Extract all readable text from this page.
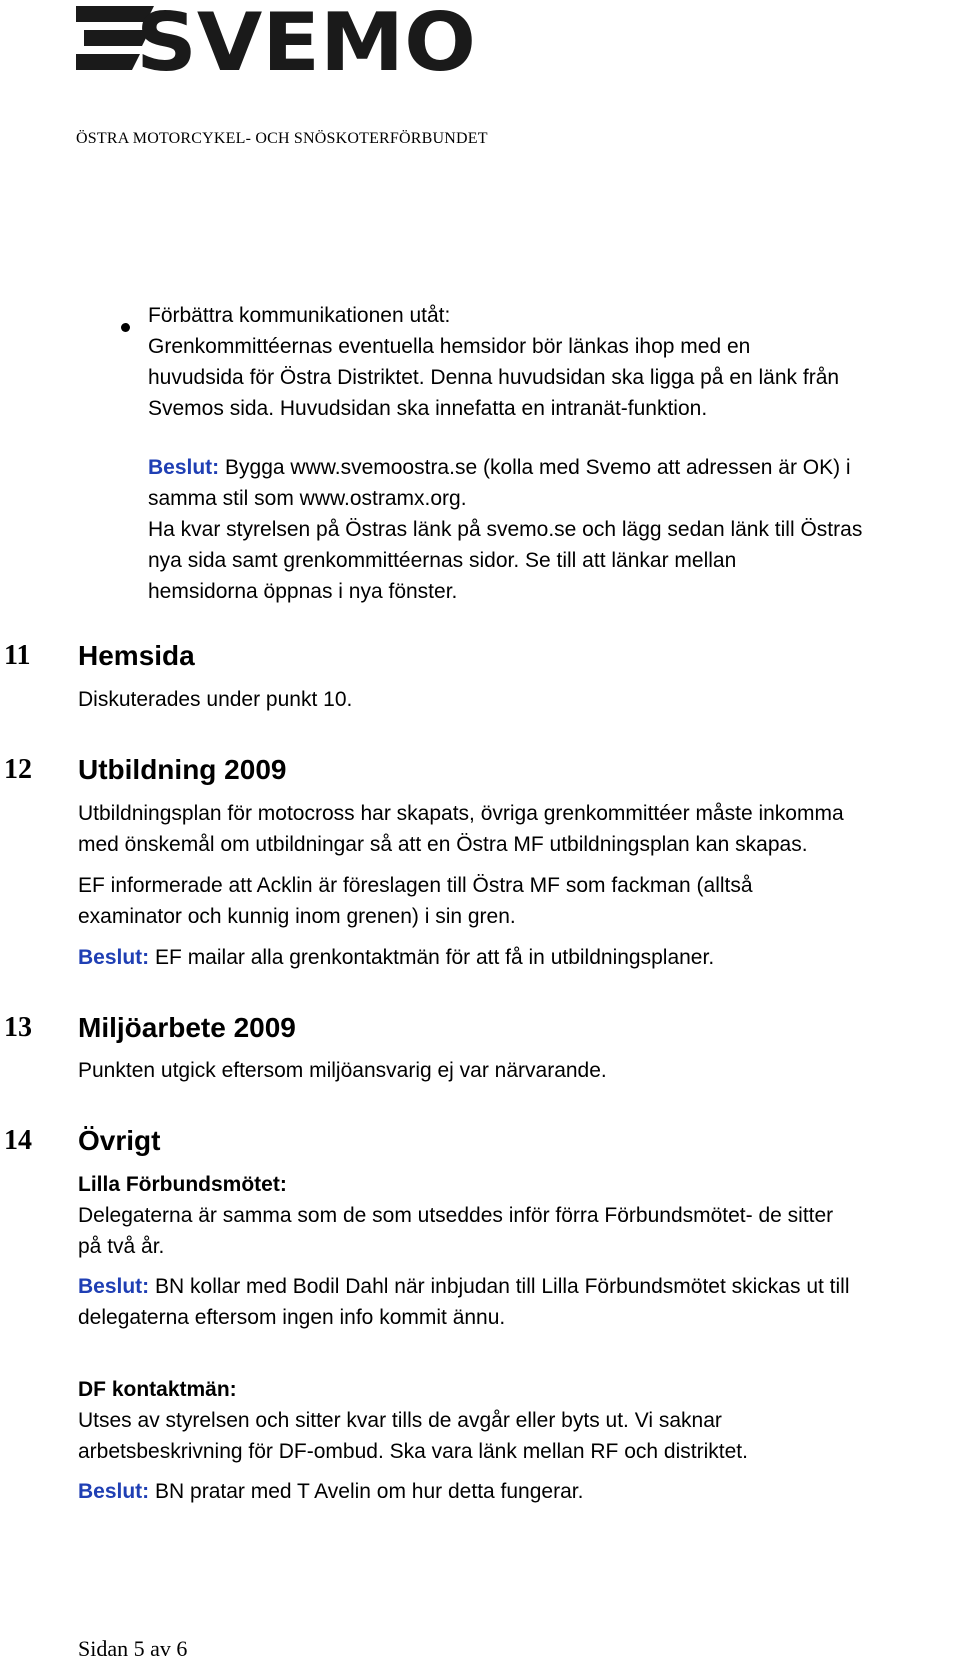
SVEMO
ÖSTRA MOTORCYKEL- OCH SNÖSKOTERFÖRBUNDET
Förbättra kommunikationen utåt:
Grenkommittéernas eventuella hemsidor bör länkas ihop med en
huvudsida för Östra Distriktet. Denna huvudsidan ska ligga på en länk från
Svemos sida. Huvudsidan ska innefatta en intranät-funktion.
Beslut: Bygga www.svemoostra.se (kolla med Svemo att adressen är OK) i
samma stil som www.ostramx.org.
Ha kvar styrelsen på Östras länk på svemo.se och lägg sedan länk till Östras
nya sida samt grenkommittéernas sidor. Se till att länkar mellan
hemsidorna öppnas i nya fönster.
11 Hemsida
Diskuterades under punkt 10.
12 Utbildning 2009
Utbildningsplan för motocross har skapats, övriga grenkommittéer måste inkomma
med önskemål om utbildningar så att en Östra MF utbildningsplan kan skapas.
EF informerade att Acklin är föreslagen till Östra MF som fackman (alltså
examinator och kunnig inom grenen) i sin gren.
Beslut: EF mailar alla grenkontaktmän för att få in utbildningsplaner.
13 Miljöarbete 2009
Punkten utgick eftersom miljöansvarig ej var närvarande.
14 Övrigt
Lilla Förbundsmötet:
Delegaterna är samma som de som utseddes inför förra Förbundsmötet- de sitter
på två år.
Beslut: BN kollar med Bodil Dahl när inbjudan till Lilla Förbundsmötet skickas ut till
delegaterna eftersom ingen info kommit ännu.
DF kontaktmän:
Utses av styrelsen och sitter kvar tills de avgår eller byts ut. Vi saknar
arbetsbeskrivning för DF-ombud. Ska vara länk mellan RF och distriktet.
Beslut: BN pratar med T Avelin om hur detta fungerar.
Sidan 5 av 6
